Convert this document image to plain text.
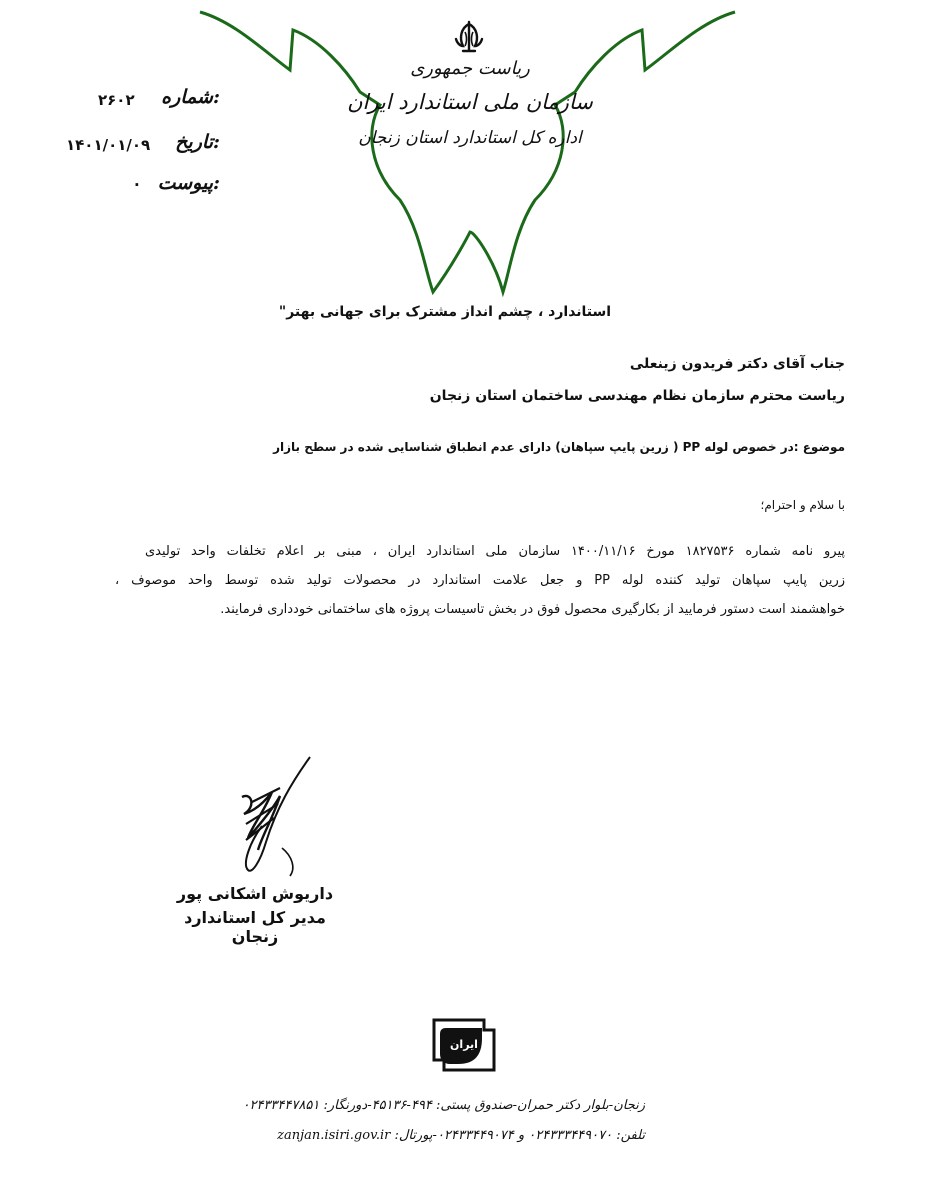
ریاست جمهوری
سازمان ملی استاندارد ایران
اداره کل استاندارد استان زنجان
شماره:
۲۶۰۲
تاریخ:
۱۴۰۱/۰۱/۰۹
پیوست:
.
استاندارد ، چشم انداز مشترک برای جهانی بهتر"
جناب آقای دکتر فریدون زینعلی
ریاست محترم سازمان نظام مهندسی ساختمان استان زنجان
موضوع :در خصوص لوله PP ( زرین پایپ سپاهان) دارای عدم انطباق شناسایی شده در سطح بازار
با سلام و احترام؛
پیرو نامه شماره ۱۸۲۷۵۳۶ مورخ ۱۴۰۰/۱۱/۱۶ سازمان ملی استاندارد ایران ، مبنی بر اعلام تخلفات واحد تولیدی
زرین پایپ سپاهان تولید کننده لوله PP و جعل علامت استاندارد در محصولات تولید شده توسط واحد موصوف ،
خواهشمند است دستور فرمایید از بکارگیری محصول فوق در بخش تاسیسات پروژه های ساختمانی خودداری فرمایند.
داریوش اشکانی پور
مدیر کل استاندارد زنجان
ایران
زنجان-بلوار دکتر حمران-صندوق پستی: ۴۹۴-۴۵۱۳۶-دورنگار: ۰۲۴۳۳۴۴۷۸۵۱
تلفن: ۰۲۴۳۳۳۴۴۹۰۷۰ و ۰۲۴۳۳۴۴۹۰۷۴-پورتال: zanjan.isiri.gov.ir
